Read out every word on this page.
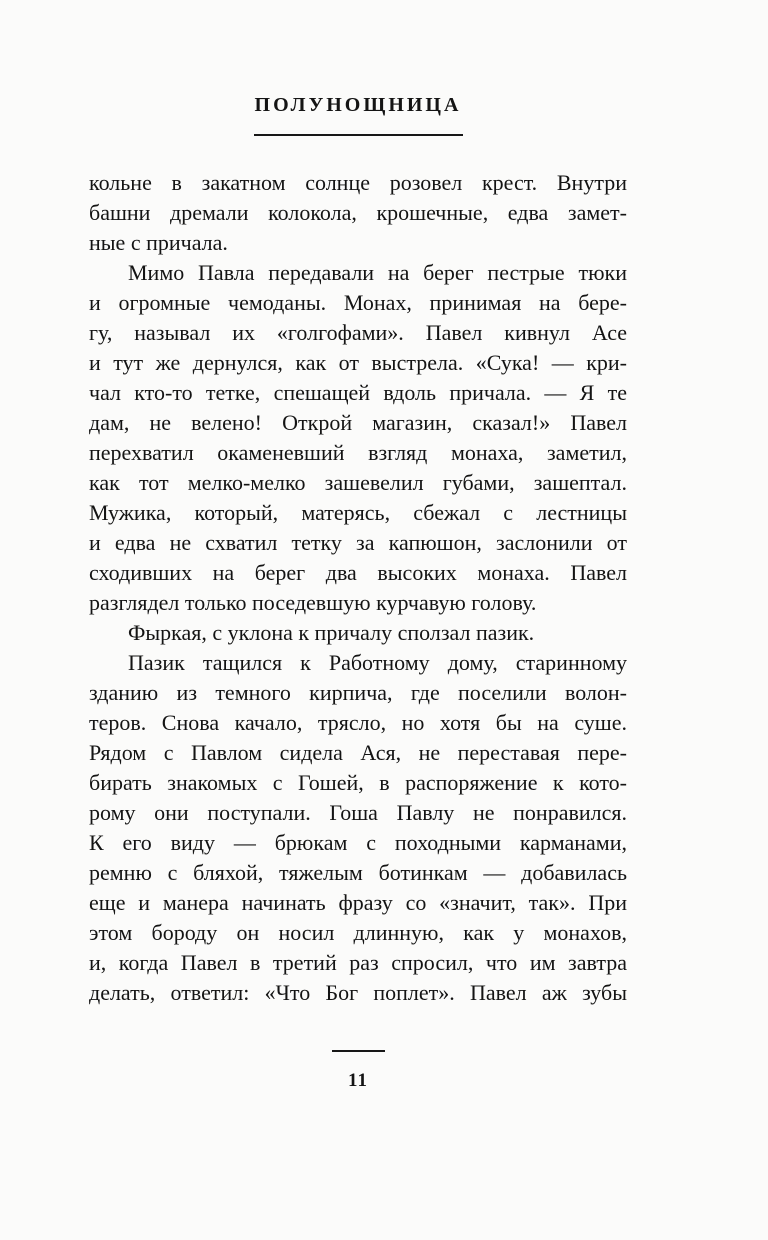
ПОЛУНОЩНИЦА
кольне в закатном солнце розовел крест. Внутри
башни дремали колокола, крошечные, едва замет-
ные с причала.
Мимо Павла передавали на берег пестрые тюки
и огромные чемоданы. Монах, принимая на бере-
гу, называл их «голгофами». Павел кивнул Асе
и тут же дернулся, как от выстрела. «Сука! — кри-
чал кто-то тетке, спешащей вдоль причала. — Я те
дам, не велено! Открой магазин, сказал!» Павел
перехватил окаменевший взгляд монаха, заметил,
как тот мелко-мелко зашевелил губами, зашептал.
Мужика, который, матерясь, сбежал с лестницы
и едва не схватил тетку за капюшон, заслонили от
сходивших на берег два высоких монаха. Павел
разглядел только поседевшую курчавую голову.
Фыркая, с уклона к причалу сползал пазик.
Пазик тащился к Работному дому, старинному
зданию из темного кирпича, где поселили волон-
теров. Снова качало, трясло, но хотя бы на суше.
Рядом с Павлом сидела Ася, не переставая пере-
бирать знакомых с Гошей, в распоряжение к кото-
рому они поступали. Гоша Павлу не понравился.
К его виду — брюкам с походными карманами,
ремню с бляхой, тяжелым ботинкам — добавилась
еще и манера начинать фразу со «значит, так». При
этом бороду он носил длинную, как у монахов,
и, когда Павел в третий раз спросил, что им завтра
делать, ответил: «Что Бог поплет». Павел аж зубы
11
